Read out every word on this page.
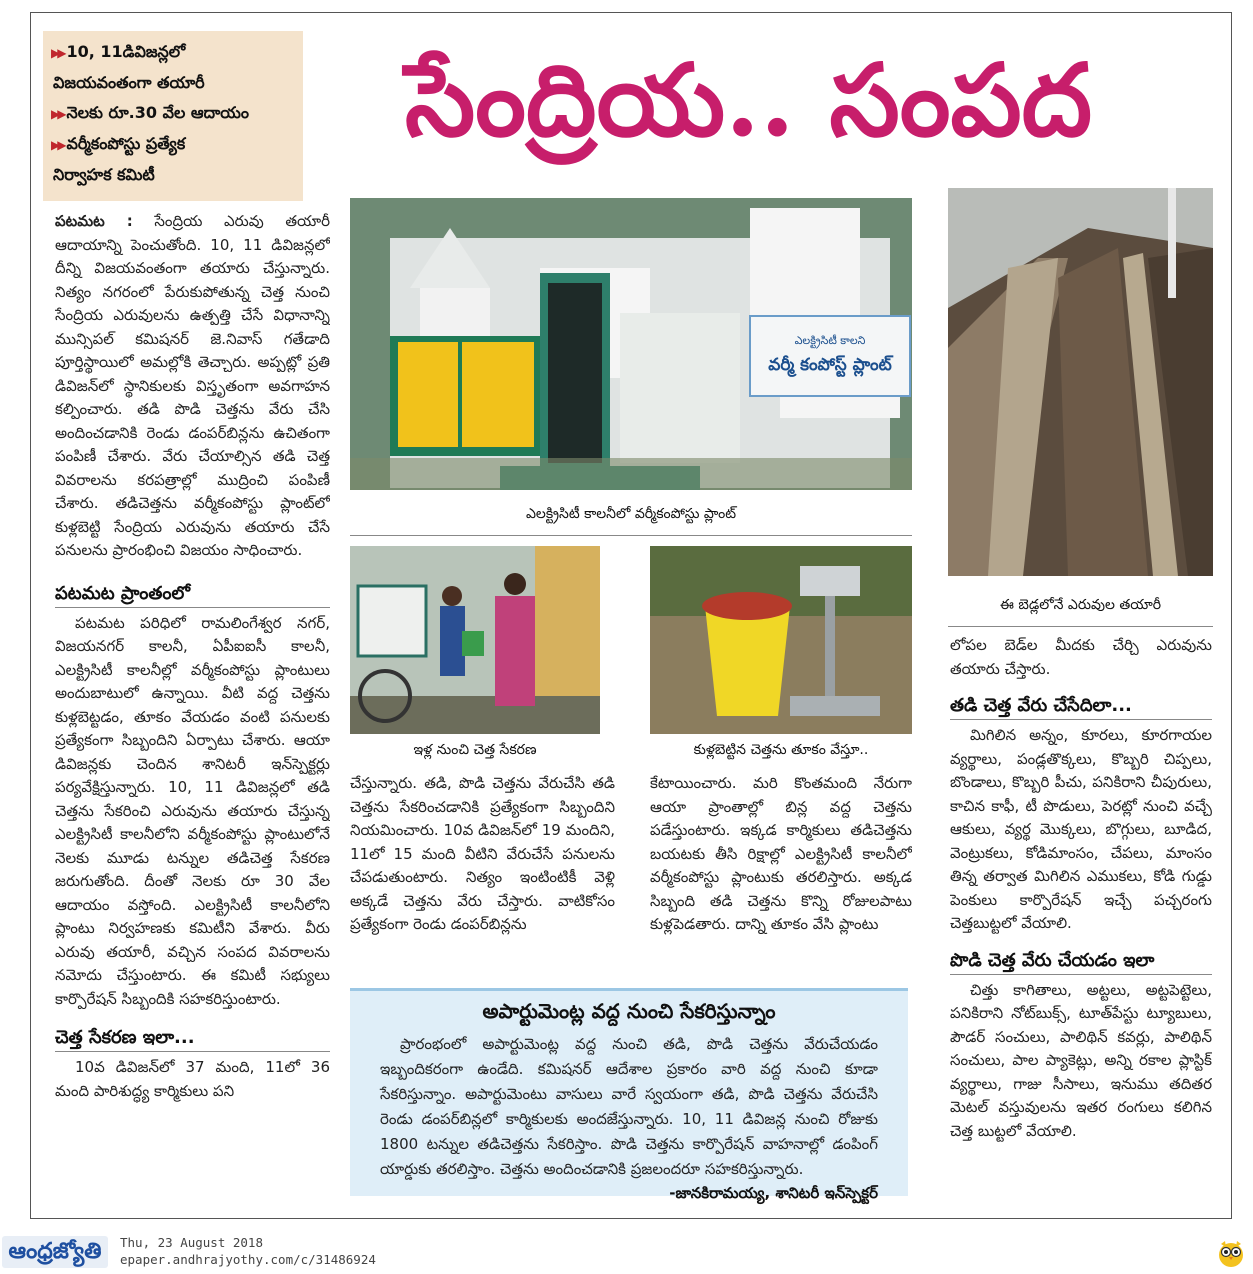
▶▶ 10, 11డివిజన్లలో
విజయవంతంగా తయారీ
▶▶ నెలకు రూ.30 వేల ఆదాయం
▶▶ వర్మీకంపోస్టు ప్రత్యేక
నిర్వాహక కమిటీ
సేంద్రియ.. సంపద

పటమట : సేంద్రియ ఎరువు తయారీ ఆదాయాన్ని పెంచుతోంది. 10, 11 డివిజన్లలో దీన్ని విజయవంతంగా తయారు చేస్తున్నారు. నిత్యం నగరంలో పేరుకుపోతున్న చెత్త నుంచి సేంద్రియ ఎరువులను ఉత్పత్తి చేసే విధానాన్ని మున్సిపల్ కమిషనర్ జె.నివాస్ గతేడాది పూర్తిస్థాయిలో అమల్లోకి తెచ్చారు. అప్పట్లో ప్రతి డివిజన్‌లో స్థానికులకు విస్తృతంగా అవగాహన కల్పించారు. తడి పొడి చెత్తను వేరు చేసి అందించడానికి రెండు డంపర్‌బిన్లను ఉచితంగా పంపిణీ చేశారు. వేరు చేయాల్సిన తడి చెత్త వివరాలను కరపత్రాల్లో ముద్రించి పంపిణీ చేశారు. తడిచెత్తను వర్మీకంపోస్టు ప్లాంట్‌లో కుళ్లబెట్టి సేంద్రియ ఎరువును తయారు చేసే పనులను ప్రారంభించి విజయం సాధించారు.

పటమట ప్రాంతంలో

పటమట పరిధిలో రామలింగేశ్వర నగర్, విజయనగర్ కాలనీ, ఏపీఐఐసీ కాలనీ, ఎలక్ట్రిసిటీ కాలనీల్లో వర్మీకంపోస్టు ప్లాంటులు అందుబాటులో ఉన్నాయి. వీటి వద్ద చెత్తను కుళ్లబెట్టడం, తూకం వేయడం వంటి పనులకు ప్రత్యేకంగా సిబ్బందిని ఏర్పాటు చేశారు. ఆయా డివిజన్లకు చెందిన శానిటరీ ఇన్‌స్పెక్టర్లు పర్యవేక్షిస్తున్నారు. 10, 11 డివిజన్లలో తడి చెత్తను సేకరించి ఎరువును తయారు చేస్తున్న ఎలక్ట్రిసిటీ కాలనీలోని వర్మీకంపోస్టు ప్లాంటులోనే నెలకు మూడు టన్నుల తడిచెత్త సేకరణ జరుగుతోంది. దీంతో నెలకు రూ 30 వేల ఆదాయం వస్తోంది. ఎలక్ట్రిసిటీ కాలనీలోని ప్లాంటు నిర్వహణకు కమిటీని వేశారు. వీరు ఎరువు తయారీ, వచ్చిన సంపద వివరాలను నమోదు చేస్తుంటారు. ఈ కమిటీ సభ్యులు కార్పొరేషన్ సిబ్బందికి సహకరిస్తుంటారు.

చెత్త సేకరణ ఇలా...

10వ డివిజన్‌లో 37 మంది, 11లో 36 మంది పారిశుద్ధ్య కార్మికులు పని

ఎలక్ట్రిసిటీ కాలని
వర్మీ కంపోస్ట్ ప్లాంట్
ఎలక్ట్రిసిటీ కాలనీలో వర్మీకంపోస్టు ప్లాంట్
ఈ బెడ్లలోనే ఎరువుల తయారీ
ఇళ్ల నుంచి చెత్త సేకరణ	కుళ్లబెట్టిన చెత్తను తూకం వేస్తూ..
చేస్తున్నారు. తడి, పొడి చెత్తను వేరుచేసి తడి చెత్తను సేకరించడానికి ప్రత్యేకంగా సిబ్బందిని నియమించారు. 10వ డివిజన్‌లో 19 మందిని, 11లో 15 మంది వీటిని వేరుచేసే పనులను చేపడుతుంటారు. నిత్యం ఇంటింటికీ వెళ్లి అక్కడే చెత్తను వేరు చేస్తారు. వాటికోసం ప్రత్యేకంగా రెండు డంపర్‌బిన్లను
కేటాయించారు. మరి కొంతమంది నేరుగా ఆయా ప్రాంతాల్లో బిన్ల వద్ద చెత్తను పడేస్తుంటారు. ఇక్కడ కార్మికులు తడిచెత్తను బయటకు తీసి రిక్షాల్లో ఎలక్ట్రిసిటీ కాలనీలో వర్మీకంపోస్టు ప్లాంటుకు తరలిస్తారు. అక్కడ సిబ్బంది తడి చెత్తను కొన్ని రోజులపాటు కుళ్లపెడతారు. దాన్ని తూకం వేసి ప్లాంటు

లోపల బెడ్‌ల మీదకు చేర్చి ఎరువును తయారు చేస్తారు.

తడి చెత్త వేరు చేసేదిలా...

మిగిలిన అన్నం, కూరలు, కూరగాయల వ్యర్థాలు, పండ్లతొక్కలు, కొబ్బరి చిప్పలు, బొండాలు, కొబ్బరి పీచు, పనికిరాని చీపురులు, కాచిన కాఫీ, టీ పొడులు, పెరట్లో నుంచి వచ్చే ఆకులు, వ్యర్థ మొక్కలు, బొగ్గులు, బూడిద, వెంట్రుకలు, కోడిమాంసం, చేపలు, మాంసం తిన్న తర్వాత మిగిలిన ఎముకలు, కోడి గుడ్డు పెంకులు కార్పొరేషన్ ఇచ్చే పచ్చరంగు చెత్తబుట్టలో వేయాలి.

పొడి చెత్త వేరు చేయడం ఇలా

చిత్తు కాగితాలు, అట్టలు, అట్టపెట్టెలు, పనికిరాని నోట్‌బుక్స్, టూత్‌పేస్టు ట్యూబులు, పౌడర్ సంచులు, పాలిథిన్ కవర్లు, పాలిథిన్ సంచులు, పాల ప్యాకెట్లు, అన్ని రకాల ప్లాస్టిక్ వ్యర్థాలు, గాజు సీసాలు, ఇనుము తదితర మెటల్ వస్తువులను ఇతర రంగులు కలిగిన చెత్త బుట్టలో వేయాలి.

అపార్టుమెంట్ల వద్ద నుంచి సేకరిస్తున్నాం

ప్రారంభంలో అపార్టుమెంట్ల వద్ద నుంచి తడి, పొడి చెత్తను వేరుచేయడం ఇబ్బందికరంగా ఉండేది. కమిషనర్ ఆదేశాల ప్రకారం వారి వద్ద నుంచి కూడా సేకరిస్తున్నాం. అపార్టుమెంటు వాసులు వారే స్వయంగా తడి, పొడి చెత్తను వేరుచేసి రెండు డంపర్‌బిన్లలో కార్మికులకు అందజేస్తున్నారు. 10, 11 డివిజన్ల నుంచి రోజుకు 1800 టన్నుల తడిచెత్తను సేకరిస్తాం. పొడి చెత్తను కార్పొరేషన్ వాహనాల్లో డంపింగ్ యార్డుకు తరలిస్తాం. చెత్తను అందించడానికి ప్రజలందరూ సహకరిస్తున్నారు.

-జానకిరామయ్య, శానిటరీ ఇన్‌స్పెక్టర్
ఆంధ్రజ్యోతి	Thu, 23 August 2018
epaper.andhrajyothy.com/c/31486924
